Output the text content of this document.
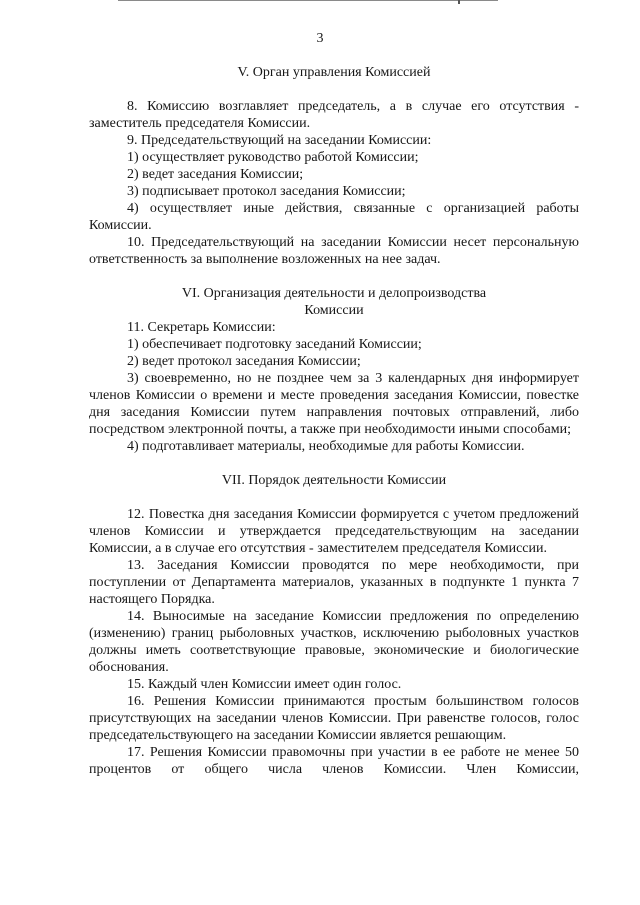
3

V. Орган управления Комиссией

8. Комиссию возглавляет председатель, а в случае его отсутствия - заместитель председателя Комиссии.

9. Председательствующий на заседании Комиссии:

1) осуществляет руководство работой Комиссии;

2) ведет заседания Комиссии;

3) подписывает протокол заседания Комиссии;

4) осуществляет иные действия, связанные с организацией работы Комиссии.

10. Председательствующий на заседании Комиссии несет персональную ответственность за выполнение возложенных на нее задач.

VI. Организация деятельности и делопроизводства

Комиссии

11. Секретарь Комиссии:

1) обеспечивает подготовку заседаний Комиссии;

2) ведет протокол заседания Комиссии;

3) своевременно, но не позднее чем за 3 календарных дня информирует членов Комиссии о времени и месте проведения заседания Комиссии, повестке дня заседания Комиссии путем направления почтовых отправлений, либо посредством электронной почты, а также при необходимости иными способами;

4) подготавливает материалы, необходимые для работы Комиссии.

VII. Порядок деятельности Комиссии

12. Повестка дня заседания Комиссии формируется с учетом предложений членов Комиссии и утверждается председательствующим на заседании Комиссии, а в случае его отсутствия - заместителем председателя Комиссии.

13. Заседания Комиссии проводятся по мере необходимости, при поступлении от Департамента материалов, указанных в подпункте 1 пункта 7 настоящего Порядка.

14. Выносимые на заседание Комиссии предложения по определению (изменению) границ рыболовных участков, исключению рыболовных участков должны иметь соответствующие правовые, экономические и биологические обоснования.

15. Каждый член Комиссии имеет один голос.

16. Решения Комиссии принимаются простым большинством голосов присутствующих на заседании членов Комиссии. При равенстве голосов, голос председательствующего на заседании Комиссии является решающим.

17. Решения Комиссии правомочны при участии в ее работе не менее 50 процентов от общего числа членов Комиссии. Член Комиссии,
